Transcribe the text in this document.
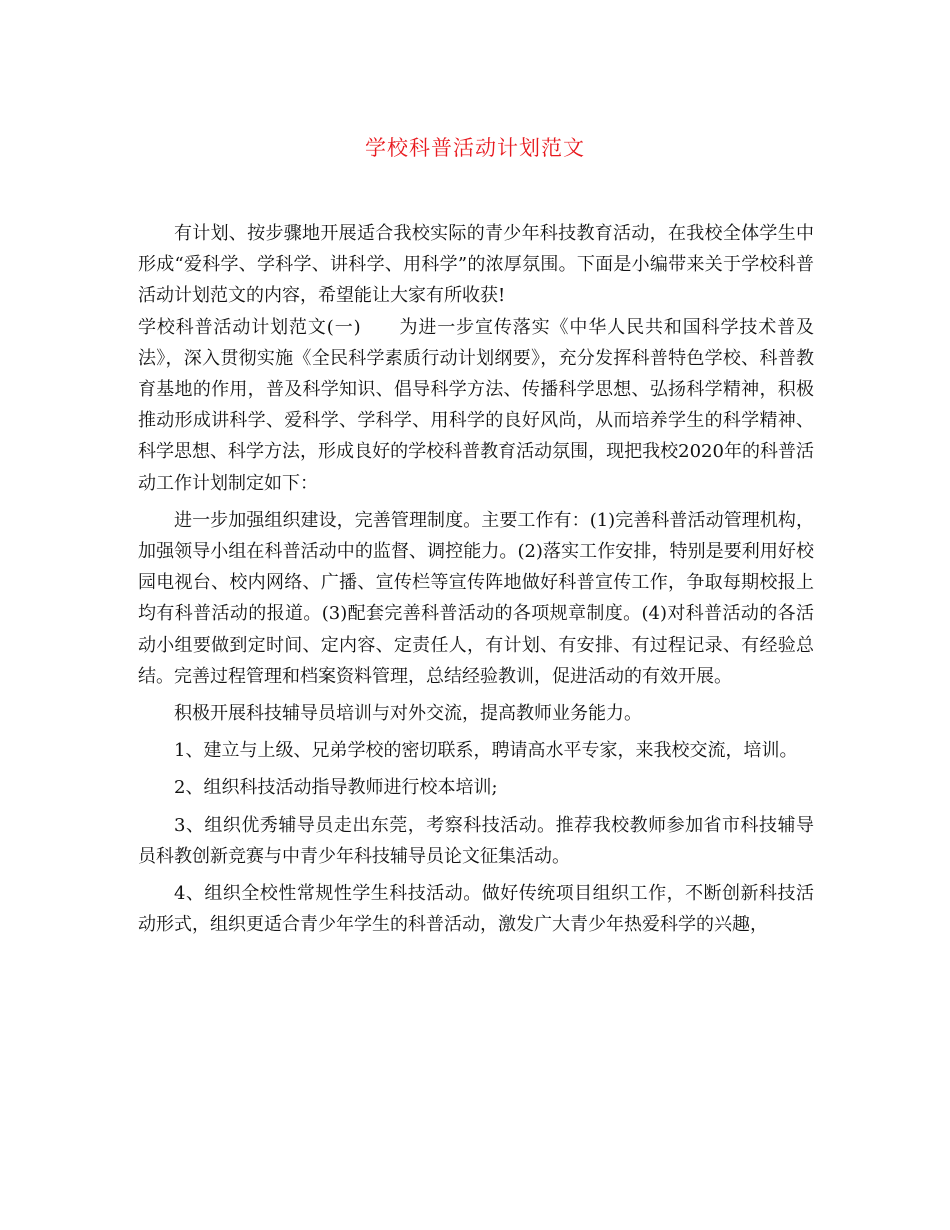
学校科普活动计划范文

有计划、按步骤地开展适合我校实际的青少年科技教育活动，在我校全体学生中形成“爱科学、学科学、讲科学、用科学”的浓厚氛围。下面是小编带来关于学校科普活动计划范文的内容，希望能让大家有所收获!

学校科普活动计划范文(一) 为进一步宣传落实《中华人民共和国科学技术普及法》，深入贯彻实施《全民科学素质行动计划纲要》，充分发挥科普特色学校、科普教育基地的作用，普及科学知识、倡导科学方法、传播科学思想、弘扬科学精神，积极推动形成讲科学、爱科学、学科学、用科学的良好风尚，从而培养学生的科学精神、科学思想、科学方法，形成良好的学校科普教育活动氛围，现把我校2020年的科普活动工作计划制定如下：

进一步加强组织建设，完善管理制度。主要工作有：(1)完善科普活动管理机构，加强领导小组在科普活动中的监督、调控能力。(2)落实工作安排，特别是要利用好校园电视台、校内网络、广播、宣传栏等宣传阵地做好科普宣传工作，争取每期校报上均有科普活动的报道。(3)配套完善科普活动的各项规章制度。(4)对科普活动的各活动小组要做到定时间、定内容、定责任人，有计划、有安排、有过程记录、有经验总结。完善过程管理和档案资料管理，总结经验教训，促进活动的有效开展。

积极开展科技辅导员培训与对外交流，提高教师业务能力。

1、建立与上级、兄弟学校的密切联系，聘请高水平专家，来我校交流，培训。

2、组织科技活动指导教师进行校本培训;

3、组织优秀辅导员走出东莞，考察科技活动。推荐我校教师参加省市科技辅导员科教创新竞赛与中青少年科技辅导员论文征集活动。

4、组织全校性常规性学生科技活动。做好传统项目组织工作，不断创新科技活动形式，组织更适合青少年学生的科普活动，激发广大青少年热爱科学的兴趣，
